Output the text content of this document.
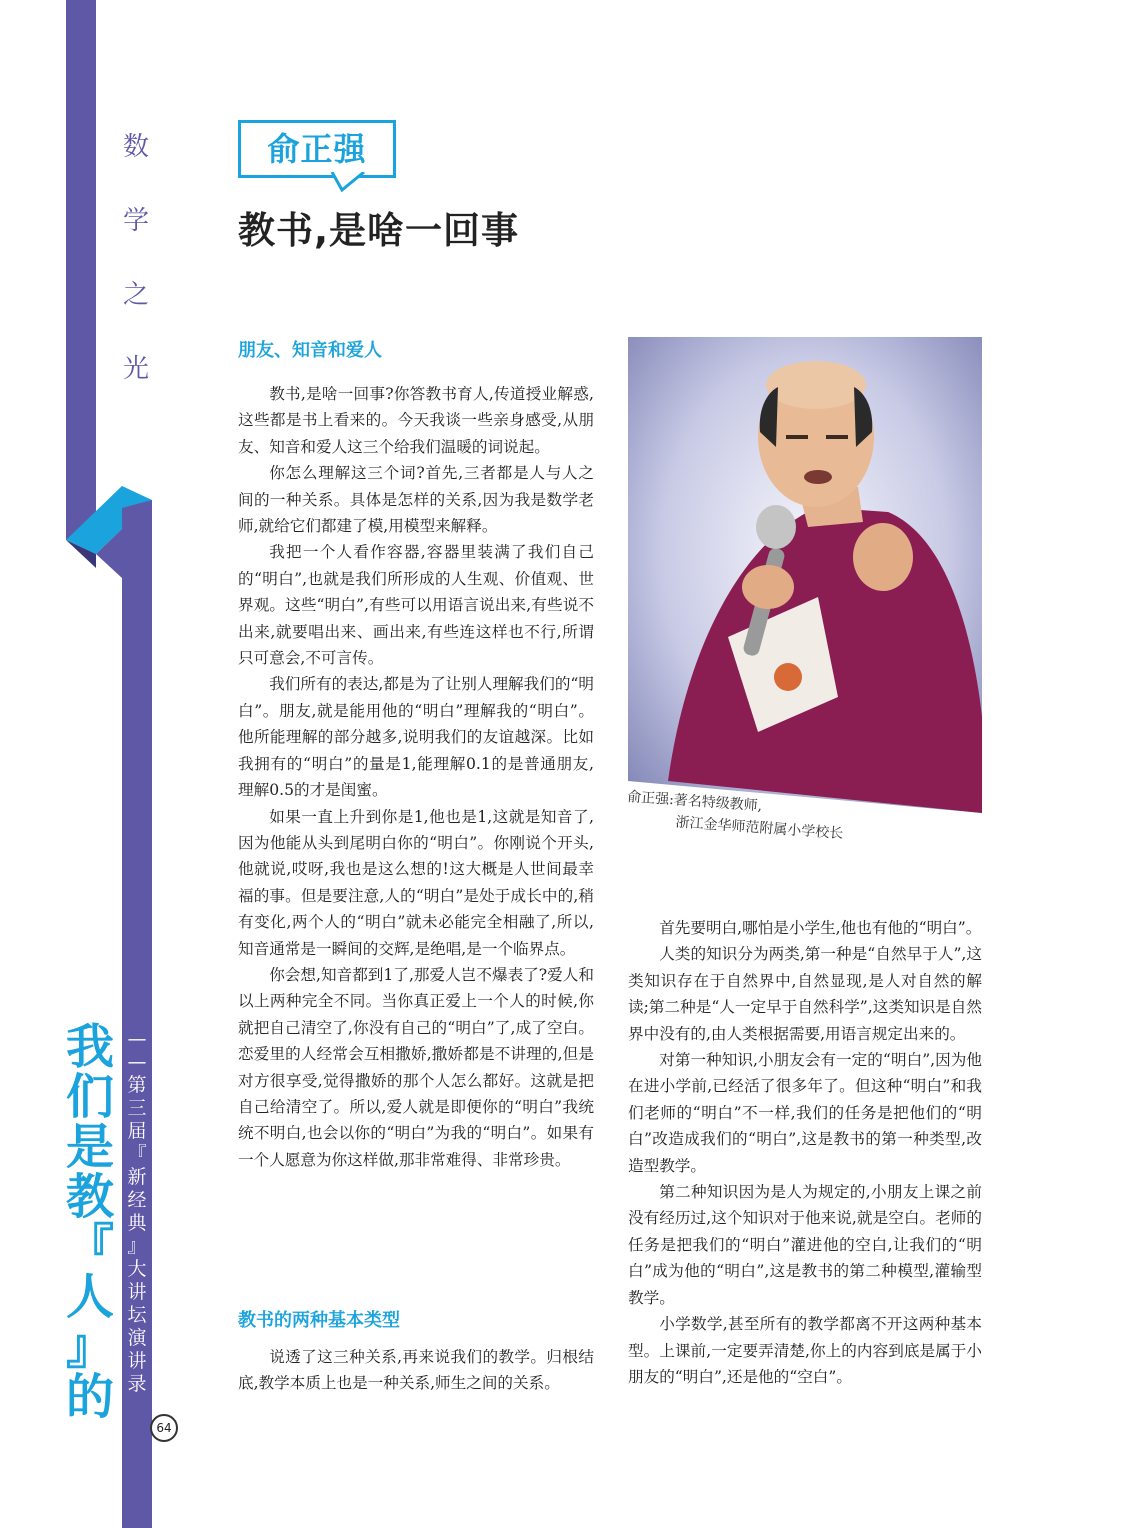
数
学
之
光
我
们
是
教
『
人
』
的
—
—
第
三
届
『
新
经
典
』
大
讲
坛
演
讲
录
64
俞正强
教书,是啥一回事
朋友、知音和爱人

教书,是啥一回事?你答教书育人,传道授业解惑,这些都是书上看来的。今天我谈一些亲身感受,从朋友、知音和爱人这三个给我们温暖的词说起。

你怎么理解这三个词?首先,三者都是人与人之间的一种关系。具体是怎样的关系,因为我是数学老师,就给它们都建了模,用模型来解释。

我把一个人看作容器,容器里装满了我们自己的“明白”,也就是我们所形成的人生观、价值观、世界观。这些“明白”,有些可以用语言说出来,有些说不出来,就要唱出来、画出来,有些连这样也不行,所谓只可意会,不可言传。

我们所有的表达,都是为了让别人理解我们的“明白”。朋友,就是能用他的“明白”理解我的“明白”。他所能理解的部分越多,说明我们的友谊越深。比如我拥有的“明白”的量是1,能理解0.1的是普通朋友,理解0.5的才是闺蜜。

如果一直上升到你是1,他也是1,这就是知音了,因为他能从头到尾明白你的“明白”。你刚说个开头,他就说,哎呀,我也是这么想的!这大概是人世间最幸福的事。但是要注意,人的“明白”是处于成长中的,稍有变化,两个人的“明白”就未必能完全相融了,所以,知音通常是一瞬间的交辉,是绝唱,是一个临界点。

你会想,知音都到1了,那爱人岂不爆表了?爱人和以上两种完全不同。当你真正爱上一个人的时候,你就把自己清空了,你没有自己的“明白”了,成了空白。恋爱里的人经常会互相撒娇,撒娇都是不讲理的,但是对方很享受,觉得撒娇的那个人怎么都好。这就是把自己给清空了。所以,爱人就是即便你的“明白”我统统不明白,也会以你的“明白”为我的“明白”。如果有一个人愿意为你这样做,那非常难得、非常珍贵。

教书的两种基本类型

说透了这三种关系,再来说我们的教学。归根结底,教学本质上也是一种关系,师生之间的关系。

俞正强:著名特级教师,
浙江金华师范附属小学校长

首先要明白,哪怕是小学生,他也有他的“明白”。

人类的知识分为两类,第一种是“自然早于人”,这类知识存在于自然界中,自然显现,是人对自然的解读;第二种是“人一定早于自然科学”,这类知识是自然界中没有的,由人类根据需要,用语言规定出来的。

对第一种知识,小朋友会有一定的“明白”,因为他在进小学前,已经活了很多年了。但这种“明白”和我们老师的“明白”不一样,我们的任务是把他们的“明白”改造成我们的“明白”,这是教书的第一种类型,改造型教学。

第二种知识因为是人为规定的,小朋友上课之前没有经历过,这个知识对于他来说,就是空白。老师的任务是把我们的“明白”灌进他的空白,让我们的“明白”成为他的“明白”,这是教书的第二种模型,灌输型教学。

小学数学,甚至所有的教学都离不开这两种基本型。上课前,一定要弄清楚,你上的内容到底是属于小朋友的“明白”,还是他的“空白”。
